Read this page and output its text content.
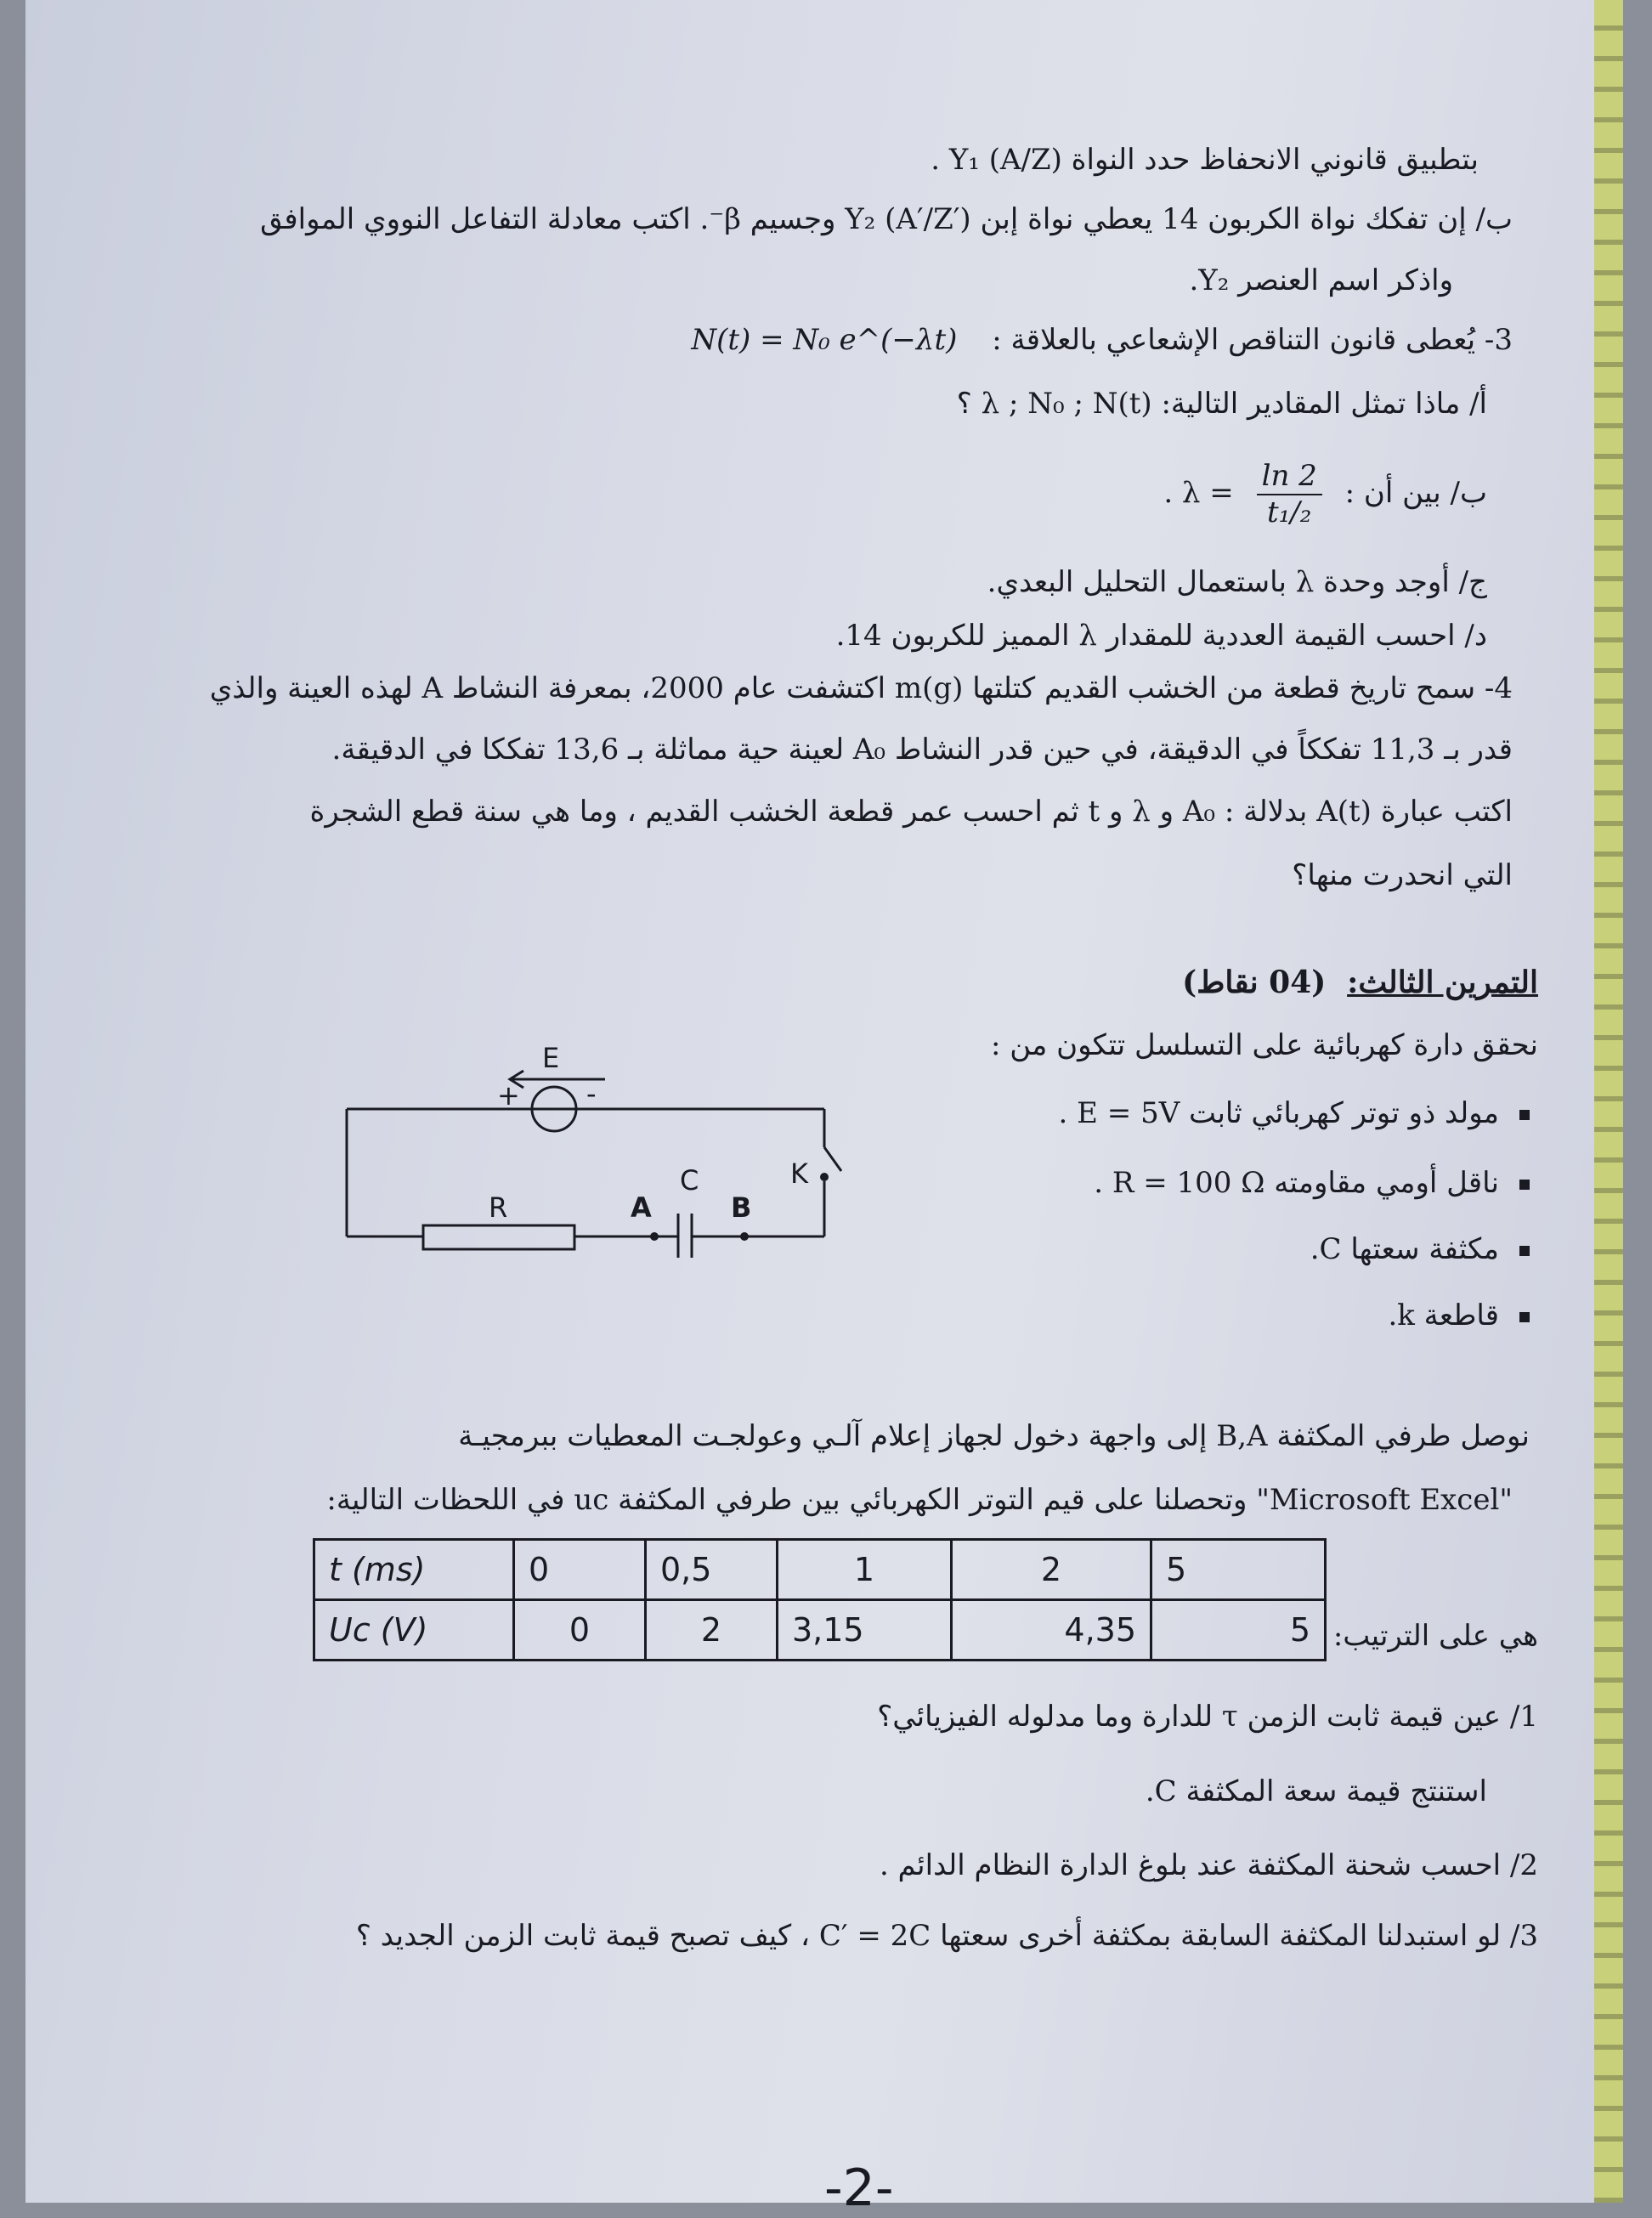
بتطبيق قانوني الانحفاظ حدد النواة Y₁ (A/Z) .
ب/ إن تفكك نواة الكربون 14 يعطي نواة إبن Y₂ (A′/Z′) وجسيم β⁻. اكتب معادلة التفاعل النووي الموافق
واذكر اسم العنصر Y₂.
3- يُعطى قانون التناقص الإشعاعي بالعلاقة : N(t) = N₀ e^(−λt)
أ/ ماذا تمثل المقادير التالية: λ ; N₀ ; N(t) ؟
ب/ بين أن :
$\frac{\ln 2}{\text{t₁/₂}}$
. λ =
ج/ أوجد وحدة λ باستعمال التحليل البعدي.
د/ احسب القيمة العددية للمقدار λ المميز للكربون 14.
4- سمح تاريخ قطعة من الخشب القديم كتلتها m(g) اكتشفت عام 2000، بمعرفة النشاط A لهذه العينة والذي
قدر بـ 11,3 تفككاً في الدقيقة، في حين قدر النشاط A₀ لعينة حية مماثلة بـ 13,6 تفككا في الدقيقة.
اكتب عبارة A(t) بدلالة : A₀ و λ و t ثم احسب عمر قطعة الخشب القديم ، وما هي سنة قطع الشجرة
التي انحدرت منها؟
التمرين الثالث: (04 نقاط)
نحقق دارة كهربائية على التسلسل تتكون من :
مولد ذو توتر كهربائي ثابت E = 5V .
ناقل أومي مقاومته R = 100 Ω .
مكثفة سعتها C.
قاطعة k.
E
+ -
R	A
C
B
K
نوصل طرفي المكثفة B,A إلى واجهة دخول لجهاز إعلام آلـي وعولجـت المعطيات ببرمجيـة
"Microsoft Excel" وتحصلنا على قيم التوتر الكهربائي بين طرفي المكثفة uc في اللحظات التالية:
t (ms)	0	0,5	1	2	5
Uc (V)	0	2	3,15	4,35	5 هي على الترتيب:
1/ عين قيمة ثابت الزمن τ للدارة وما مدلوله الفيزيائي؟
استنتج قيمة سعة المكثفة C.
2/ احسب شحنة المكثفة عند بلوغ الدارة النظام الدائم .
3/ لو استبدلنا المكثفة السابقة بمكثفة أخرى سعتها C′ = 2C ، كيف تصبح قيمة ثابت الزمن الجديد ؟
-2-
